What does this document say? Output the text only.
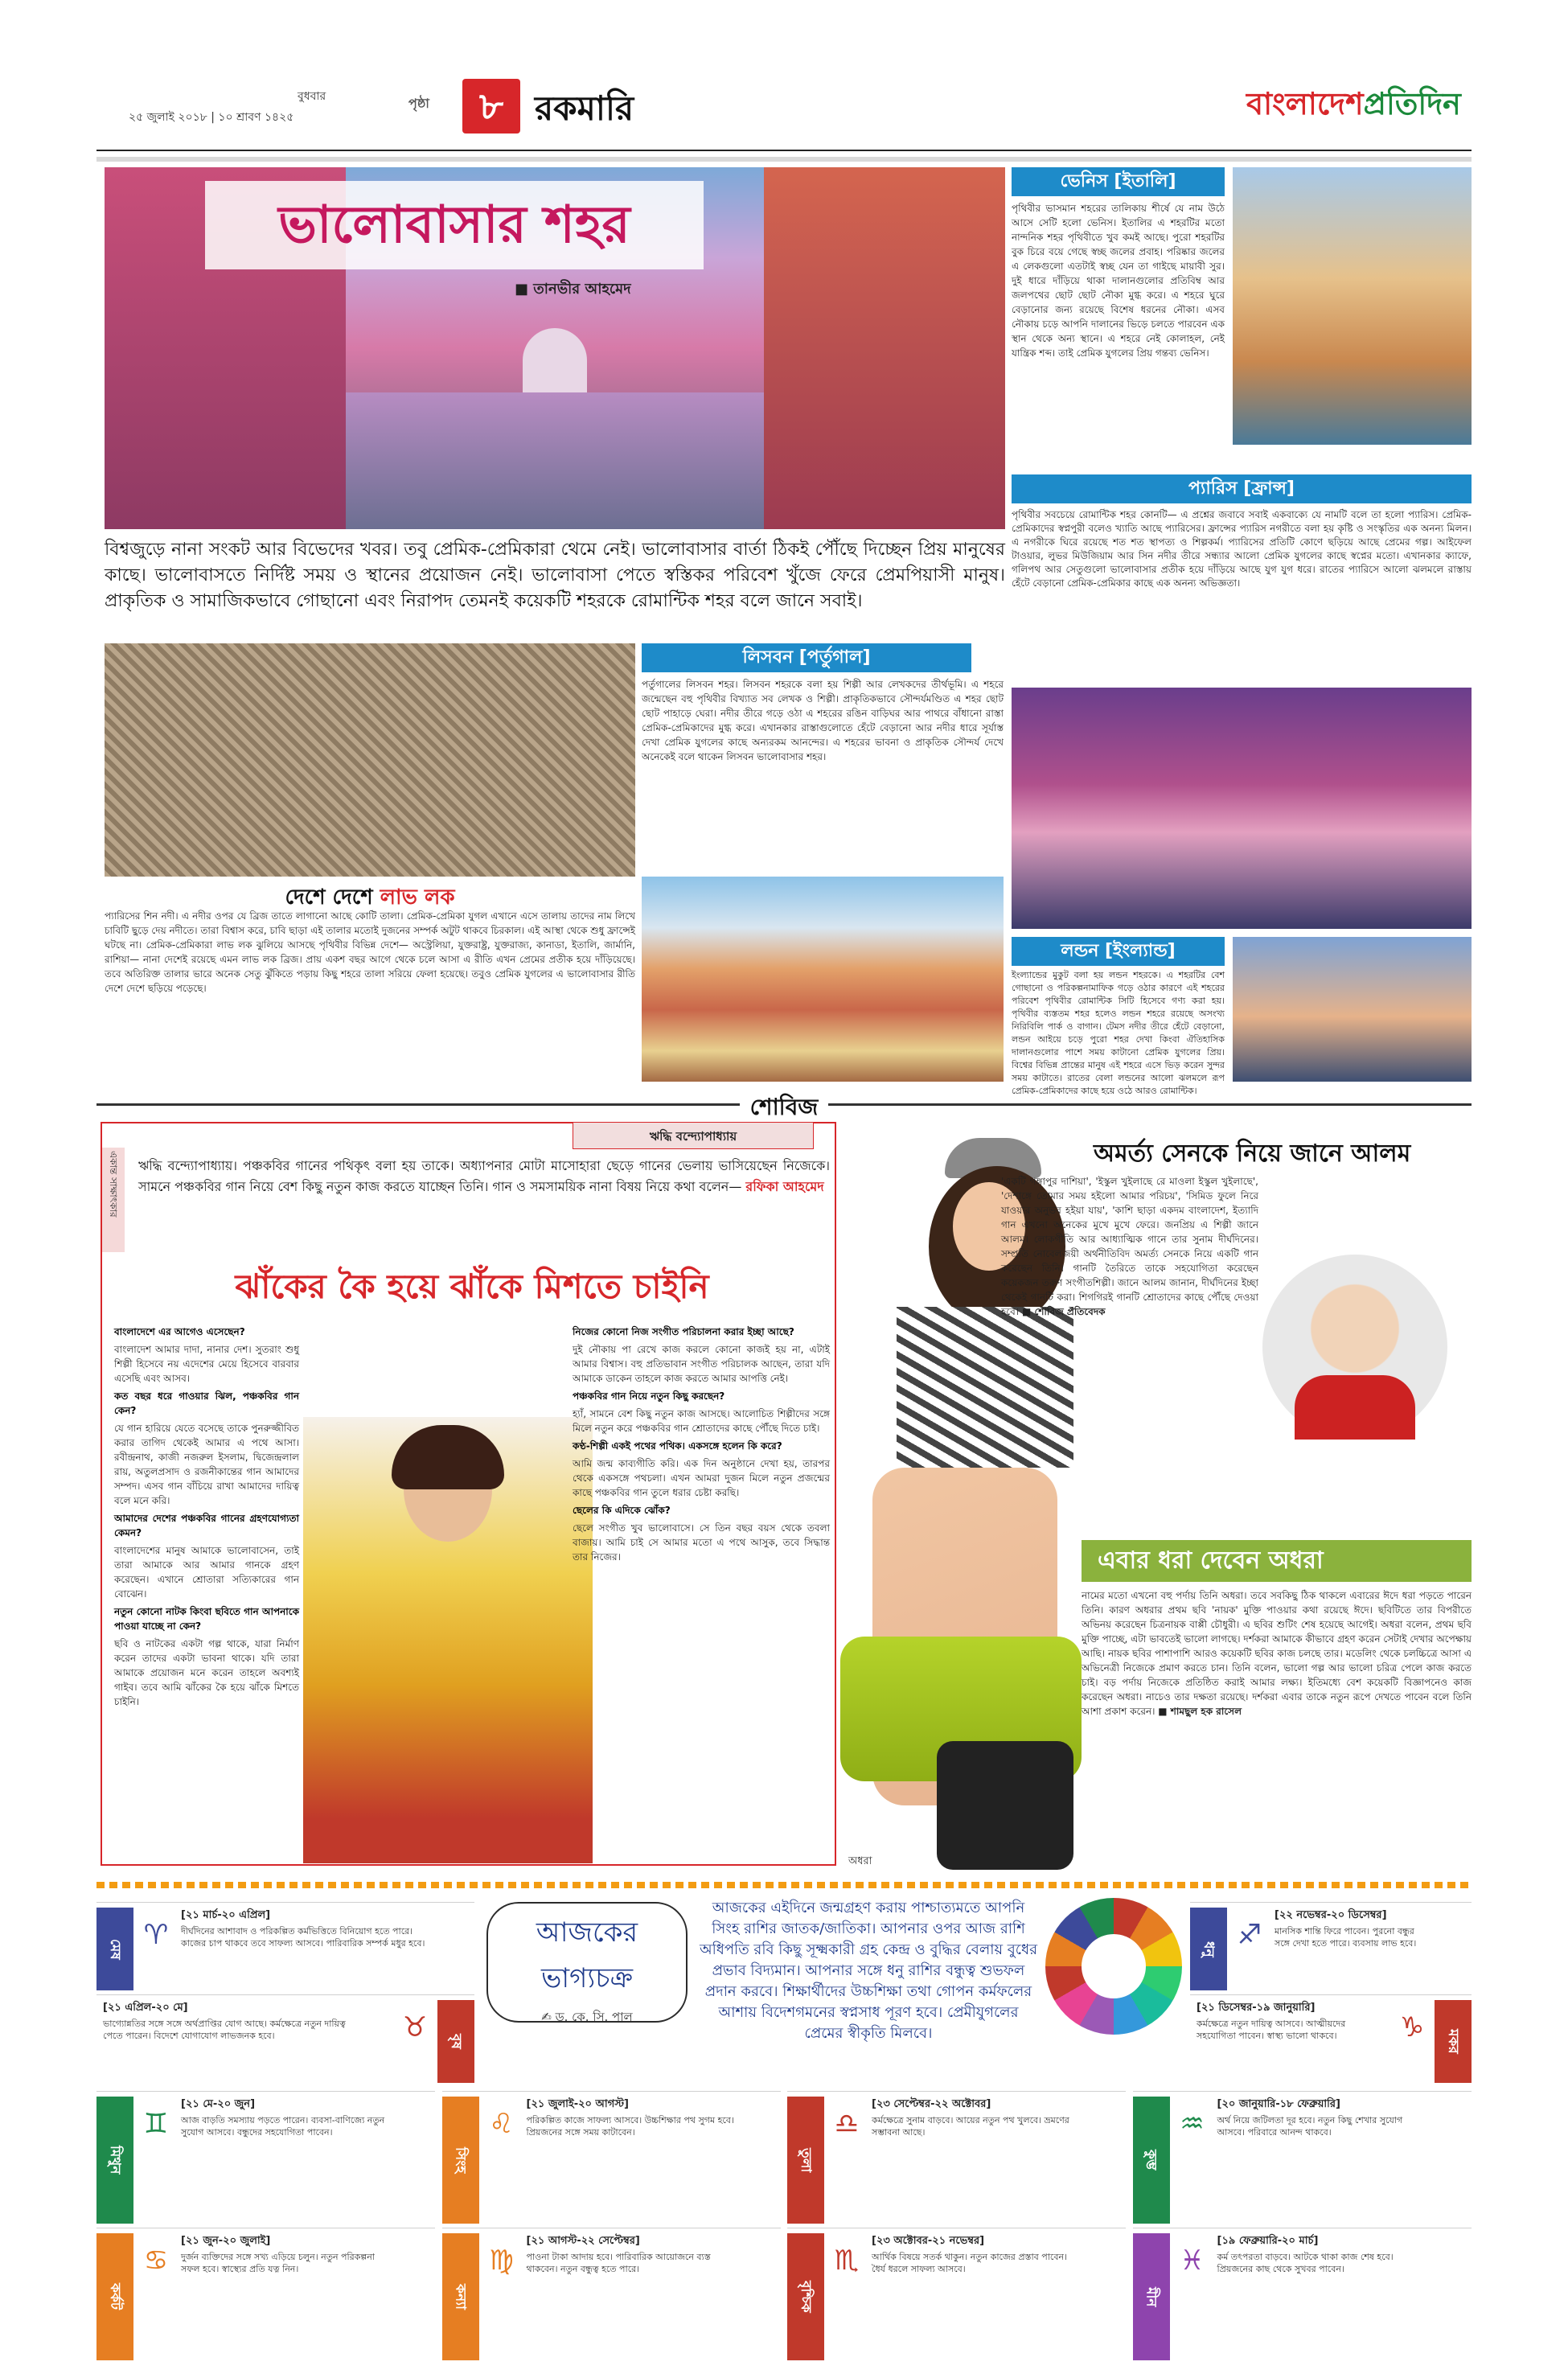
বুধবার
২৫ জুলাই ২০১৮ | ১০ শ্রাবণ ১৪২৫
পৃষ্ঠা	৮ রকমারি	বাংলাদেশপ্রতিদিন
ভালোবাসার শহর
■ তানভীর আহমেদ
বিশ্বজুড়ে নানা সংকট আর বিভেদের খবর। তবু প্রেমিক-প্রেমিকারা থেমে নেই। ভালোবাসার বার্তা ঠিকই পৌঁছে দিচ্ছেন প্রিয় মানুষের কাছে। ভালোবাসতে নির্দিষ্ট সময় ও স্থানের প্রয়োজন নেই। ভালোবাসা পেতে স্বস্তিকর পরিবেশ খুঁজে ফেরে প্রেমপিয়াসী মানুষ। প্রাকৃতিক ও সামাজিকভাবে গোছানো এবং নিরাপদ তেমনই কয়েকটি শহরকে রোমান্টিক শহর বলে জানে সবাই।
ভেনিস [ইতালি]
পৃথিবীর ভাসমান শহরের তালিকায় শীর্ষে যে নাম উঠে আসে সেটি হলো ভেনিস। ইতালির এ শহরটির মতো নান্দনিক শহর পৃথিবীতে খুব কমই আছে। পুরো শহরটির বুক চিরে বয়ে গেছে স্বচ্ছ জলের প্রবাহ। পরিষ্কার জলের এ লেকগুলো এতটাই স্বচ্ছ যেন তা গাইছে মায়াবী সুর। দুই ধারে দাঁড়িয়ে থাকা দালানগুলোর প্রতিবিম্ব আর জলপথের ছোট ছোট নৌকা মুগ্ধ করে। এ শহরে ঘুরে বেড়ানোর জন্য রয়েছে বিশেষ ধরনের নৌকা। এসব নৌকায় চড়ে আপনি দালানের ভিড়ে চলতে পারবেন এক স্থান থেকে অন্য স্থানে। এ শহরে নেই কোলাহল, নেই যান্ত্রিক শব্দ। তাই প্রেমিক যুগলের প্রিয় গন্তব্য ভেনিস।
প্যারিস [ফ্রান্স]
পৃথিবীর সবচেয়ে রোমান্টিক শহর কোনটি— এ প্রশ্নের জবাবে সবাই একবাক্যে যে নামটি বলে তা হলো প্যারিস। প্রেমিক-প্রেমিকাদের স্বপ্নপুরী বলেও খ্যাতি আছে প্যারিসের। ফ্রান্সের প্যারিস নগরীতে বলা হয় কৃষ্টি ও সংস্কৃতির এক অনন্য মিলন। এ নগরীকে ঘিরে রয়েছে শত শত স্থাপত্য ও শিল্পকর্ম। প্যারিসের প্রতিটি কোণে ছড়িয়ে আছে প্রেমের গল্প। আইফেল টাওয়ার, লুভর মিউজিয়াম আর সিন নদীর তীরে সন্ধ্যার আলো প্রেমিক যুগলের কাছে স্বপ্নের মতো। এখানকার ক্যাফে, গলিপথ আর সেতুগুলো ভালোবাসার প্রতীক হয়ে দাঁড়িয়ে আছে যুগ যুগ ধরে। রাতের প্যারিসে আলো ঝলমলে রাস্তায় হেঁটে বেড়ানো প্রেমিক-প্রেমিকার কাছে এক অনন্য অভিজ্ঞতা।
লিসবন [পর্তুগাল]
পর্তুগালের লিসবন শহর। লিসবন শহরকে বলা হয় শিল্পী আর লেখকদের তীর্থভূমি। এ শহরে জন্মেছেন বহু পৃথিবীর বিখ্যাত সব লেখক ও শিল্পী। প্রাকৃতিকভাবে সৌন্দর্যমণ্ডিত এ শহর ছোট ছোট পাহাড়ে ঘেরা। নদীর তীরে গড়ে ওঠা এ শহরের রঙিন বাড়িঘর আর পাথরে বাঁধানো রাস্তা প্রেমিক-প্রেমিকাদের মুগ্ধ করে। এখানকার রাস্তাগুলোতে হেঁটে বেড়ানো আর নদীর ধারে সূর্যাস্ত দেখা প্রেমিক যুগলের কাছে অন্যরকম আনন্দের। এ শহরের ভাবনা ও প্রাকৃতিক সৌন্দর্য দেখে অনেকেই বলে থাকেন লিসবন ভালোবাসার শহর।
দেশে দেশে লাভ লক
প্যারিসের শিন নদী। এ নদীর ওপর যে ব্রিজ তাতে লাগানো আছে কোটি তালা। প্রেমিক-প্রেমিকা যুগল এখানে এসে তালায় তাদের নাম লিখে চাবিটি ছুড়ে দেয় নদীতে। তারা বিশ্বাস করে, চাবি ছাড়া এই তালার মতোই দুজনের সম্পর্ক অটুট থাকবে চিরকাল। এই আস্থা থেকে শুধু ফ্রান্সেই ঘটছে না। প্রেমিক-প্রেমিকারা লাভ লক ঝুলিয়ে আসছে পৃথিবীর বিভিন্ন দেশে— অস্ট্রেলিয়া, যুক্তরাষ্ট্র, যুক্তরাজ্য, কানাডা, ইতালি, জার্মানি, রাশিয়া— নানা দেশেই রয়েছে এমন লাভ লক ব্রিজ। প্রায় একশ বছর আগে থেকে চলে আসা এ রীতি এখন প্রেমের প্রতীক হয়ে দাঁড়িয়েছে। তবে অতিরিক্ত তালার ভারে অনেক সেতু ঝুঁকিতে পড়ায় কিছু শহরে তালা সরিয়ে ফেলা হয়েছে। তবুও প্রেমিক যুগলের এ ভালোবাসার রীতি দেশে দেশে ছড়িয়ে পড়েছে।
লন্ডন [ইংল্যান্ড]
ইংল্যান্ডের মুকুট বলা হয় লন্ডন শহরকে। এ শহরটির বেশ গোছানো ও পরিকল্পনামাফিক গড়ে ওঠার কারণে এই শহরের পরিবেশ পৃথিবীর রোমান্টিক সিটি হিসেবে গণ্য করা হয়। পৃথিবীর ব্যস্ততম শহর হলেও লন্ডন শহরে রয়েছে অসংখ্য নিরিবিলি পার্ক ও বাগান। টেমস নদীর তীরে হেঁটে বেড়ানো, লন্ডন আইয়ে চড়ে পুরো শহর দেখা কিংবা ঐতিহাসিক দালানগুলোর পাশে সময় কাটানো প্রেমিক যুগলের প্রিয়। বিশ্বের বিভিন্ন প্রান্তের মানুষ এই শহরে এসে ভিড় করেন সুন্দর সময় কাটাতে। রাতের বেলা লন্ডনের আলো ঝলমলে রূপ প্রেমিক-প্রেমিকাদের কাছে হয়ে ওঠে আরও রোমান্টিক।
শোবিজ
ঋদ্ধি বন্দ্যোপাধ্যায়
একান্ত সাক্ষাৎকার	ঋদ্ধি বন্দ্যোপাধ্যায়। পঞ্চকবির গানের পথিকৃৎ বলা হয় তাকে। অধ্যাপনার মোটা মাসোহারা ছেড়ে গানের ভেলায় ভাসিয়েছেন নিজেকে। সামনে পঞ্চকবির গান নিয়ে বেশ কিছু নতুন কাজ করতে যাচ্ছেন তিনি। গান ও সমসাময়িক নানা বিষয় নিয়ে কথা বলেন— রফিকা আহমেদ
ঝাঁকের কৈ হয়ে ঝাঁকে মিশতে চাইনি

বাংলাদেশে এর আগেও এসেছেন?

বাংলাদেশ আমার দাদা, নানার দেশ। সুতরাং শুধু শিল্পী হিসেবে নয় এদেশের মেয়ে হিসেবে বারবার এসেছি এবং আসব।

কত বছর ধরে গাওয়ার ঝিল, পঞ্চকবির গান কেন?

যে গান হারিয়ে যেতে বসেছে তাকে পুনরুজ্জীবিত করার তাগিদ থেকেই আমার এ পথে আসা। রবীন্দ্রনাথ, কাজী নজরুল ইসলাম, দ্বিজেন্দ্রলাল রায়, অতুলপ্রসাদ ও রজনীকান্তের গান আমাদের সম্পদ। এসব গান বাঁচিয়ে রাখা আমাদের দায়িত্ব বলে মনে করি।

আমাদের দেশের পঞ্চকবির গানের গ্রহণযোগ্যতা কেমন?

বাংলাদেশের মানুষ আমাকে ভালোবাসেন, তাই তারা আমাকে আর আমার গানকে গ্রহণ করেছেন। এখানে শ্রোতারা সত্যিকারের গান বোঝেন।

নতুন কোনো নাটক কিংবা ছবিতে গান আপনাকে পাওয়া যাচ্ছে না কেন?

ছবি ও নাটকের একটা গল্প থাকে, যারা নির্মাণ করেন তাদের একটা ভাবনা থাকে। যদি তারা আমাকে প্রয়োজন মনে করেন তাহলে অবশ্যই গাইব। তবে আমি ঝাঁকের কৈ হয়ে ঝাঁকে মিশতে চাইনি।

নিজের কোনো নিজ সংগীত পরিচালনা করার ইচ্ছা আছে?

দুই নৌকায় পা রেখে কাজ করলে কোনো কাজই হয় না, এটাই আমার বিশ্বাস। বহু প্রতিভাবান সংগীত পরিচালক আছেন, তারা যদি আমাকে ডাকেন তাহলে কাজ করতে আমার আপত্তি নেই।

পঞ্চকবির গান নিয়ে নতুন কিছু করছেন?

হ্যাঁ, সামনে বেশ কিছু নতুন কাজ আসছে। আলোচিত শিল্পীদের সঙ্গে মিলে নতুন করে পঞ্চকবির গান শ্রোতাদের কাছে পৌঁছে দিতে চাই।

কণ্ঠ-শিল্পী একই পথের পথিক। একসঙ্গে হলেন কি করে?

আমি জন্ম কাব্যগীতি করি। এক দিন অনুষ্ঠানে দেখা হয়, তারপর থেকে একসঙ্গে পথচলা। এখন আমরা দুজন মিলে নতুন প্রজন্মের কাছে পঞ্চকবির গান তুলে ধরার চেষ্টা করছি।

ছেলের কি এদিকে ঝোঁক?

ছেলে সংগীত খুব ভালোবাসে। সে তিন বছর বয়স থেকে তবলা বাজায়। আমি চাই সে আমার মতো এ পথে আসুক, তবে সিদ্ধান্ত তার নিজের।

অধরা
অমর্ত্য সেনকে নিয়ে জানে আলম
'একটি গঙ্গাপুর দাশিয়া', 'ইস্কুল খুইলাছে রে মাওলা ইস্কুল খুইলাছে', 'দেশাঙ্গে তোমার সময় হইলো আমার পরিচয়', 'সিমিড ফুলে নিরে যাওয়ার অনুভব হইয়া যায়', 'কাশি ছাড়া একদম বাংলাদেশ, ইত্যাদি গান এখনো অনেকের মুখে মুখে ফেরে। জনপ্রিয় এ শিল্পী জানে আলম। লোকগীতি আর আধ্যাত্মিক গানে তার সুনাম দীর্ঘদিনের। সম্প্রতি নোবেলজয়ী অর্থনীতিবিদ অমর্ত্য সেনকে নিয়ে একটি গান করেছেন তিনি। গানটি তৈরিতে তাকে সহযোগিতা করেছেন কয়েকজন তরুণ সংগীতশিল্পী। জানে আলম জানান, দীর্ঘদিনের ইচ্ছা থেকেই গানটি করা। শিগগিরই গানটি শ্রোতাদের কাছে পৌঁছে দেওয়া হবে। ■ শোবিজ প্রতিবেদক
এবার ধরা দেবেন অধরা
নামের মতো এখনো বহু পর্দায় তিনি অধরা। তবে সবকিছু ঠিক থাকলে এবারের ঈদে ধরা পড়তে পারেন তিনি। কারণ অধরার প্রথম ছবি 'নায়ক' মুক্তি পাওয়ার কথা রয়েছে ঈদে। ছবিটিতে তার বিপরীতে অভিনয় করেছেন চিত্রনায়ক বাপ্পী চৌধুরী। এ ছবির শুটিং শেষ হয়েছে আগেই। অধরা বলেন, প্রথম ছবি মুক্তি পাচ্ছে, এটা ভাবতেই ভালো লাগছে। দর্শকরা আমাকে কীভাবে গ্রহণ করেন সেটাই দেখার অপেক্ষায় আছি। নায়ক ছবির পাশাপাশি আরও কয়েকটি ছবির কাজ চলছে তার। মডেলিং থেকে চলচ্চিত্রে আসা এ অভিনেত্রী নিজেকে প্রমাণ করতে চান। তিনি বলেন, ভালো গল্প আর ভালো চরিত্র পেলে কাজ করতে চাই। বড় পর্দায় নিজেকে প্রতিষ্ঠিত করাই আমার লক্ষ্য। ইতিমধ্যে বেশ কয়েকটি বিজ্ঞাপনেও কাজ করেছেন অধরা। নাচেও তার দক্ষতা রয়েছে। দর্শকরা এবার তাকে নতুন রূপে দেখতে পাবেন বলে তিনি আশা প্রকাশ করেন। ■ শামছুল হক রাসেল
আজকের
ভাগ্যচক্র
✍ ড. কে. সি. পাল
আজকের এইদিনে জন্মগ্রহণ করায় পাশ্চাত্যমতে আপনি সিংহ রাশির জাতক/জাতিকা। আপনার ওপর আজ রাশি অধিপতি রবি কিছু সূক্ষ্মকারী গ্রহ কেন্দ্র ও বুদ্ধির বেলায় বুধের প্রভাব বিদ্যমান। আপনার সঙ্গে ধনু রাশির বন্ধুত্ব শুভফল প্রদান করবে। শিক্ষার্থীদের উচ্চশিক্ষা তথা গোপন কর্মফলের আশায় বিদেশগমনের স্বপ্নসাধ পূরণ হবে। প্রেমীযুগলের প্রেমের স্বীকৃতি মিলবে।
মেষ ♈
[২১ মার্চ-২০ এপ্রিল]
দীর্ঘদিনের আশাবাদ ও পরিকল্পিত কর্মভিত্তিতে বিনিয়োগ হতে পারে। কাজের চাপ থাকবে তবে সাফল্য আসবে। পারিবারিক সম্পর্ক মধুর হবে।
বৃষ
♉
[২১ এপ্রিল-২০ মে]
ভাগ্যোন্নতির সঙ্গে সঙ্গে অর্থপ্রাপ্তির যোগ আছে। কর্মক্ষেত্রে নতুন দায়িত্ব পেতে পারেন। বিদেশে যোগাযোগ লাভজনক হবে।
ধনু ♐
[২২ নভেম্বর-২০ ডিসেম্বর]
মানসিক শান্তি ফিরে পাবেন। পুরনো বন্ধুর সঙ্গে দেখা হতে পারে। ব্যবসায় লাভ হবে।
মকর
♑
[২১ ডিসেম্বর-১৯ জানুয়ারি]
কর্মক্ষেত্রে নতুন দায়িত্ব আসবে। আত্মীয়দের সহযোগিতা পাবেন। স্বাস্থ্য ভালো থাকবে।
মিথুন
♊
[২১ মে-২০ জুন]
আজ বাড়তি সমস্যায় পড়তে পারেন। ব্যবসা-বাণিজ্যে নতুন সুযোগ আসবে। বন্ধুদের সহযোগিতা পাবেন।
সিংহ
♌
[২১ জুলাই-২০ আগস্ট]
পরিকল্পিত কাজে সাফল্য আসবে। উচ্চশিক্ষার পথ সুগম হবে। প্রিয়জনের সঙ্গে সময় কাটাবেন।
তুলা
♎
[২৩ সেপ্টেম্বর-২২ অক্টোবর]
কর্মক্ষেত্রে সুনাম বাড়বে। আয়ের নতুন পথ খুলবে। ভ্রমণের সম্ভাবনা আছে।
কুম্ভ
♒
[২০ জানুয়ারি-১৮ ফেব্রুয়ারি]
অর্থ নিয়ে জটিলতা দূর হবে। নতুন কিছু শেখার সুযোগ আসবে। পরিবারে আনন্দ থাকবে।
কর্কট
♋
[২১ জুন-২০ জুলাই]
দুর্জন ব্যক্তিদের সঙ্গে সখ্য এড়িয়ে চলুন। নতুন পরিকল্পনা সফল হবে। স্বাস্থ্যের প্রতি যত্ন নিন।
কন্যা
♍
[২১ আগস্ট-২২ সেপ্টেম্বর]
পাওনা টাকা আদায় হবে। পারিবারিক আয়োজনে ব্যস্ত থাকবেন। নতুন বন্ধুত্ব হতে পারে।
বৃশ্চিক
♏
[২৩ অক্টোবর-২১ নভেম্বর]
আর্থিক বিষয়ে সতর্ক থাকুন। নতুন কাজের প্রস্তাব পাবেন। ধৈর্য ধরলে সাফল্য আসবে।
মীন
♓
[১৯ ফেব্রুয়ারি-২০ মার্চ]
কর্ম তৎপরতা বাড়বে। আটকে থাকা কাজ শেষ হবে। প্রিয়জনের কাছ থেকে সুখবর পাবেন।
